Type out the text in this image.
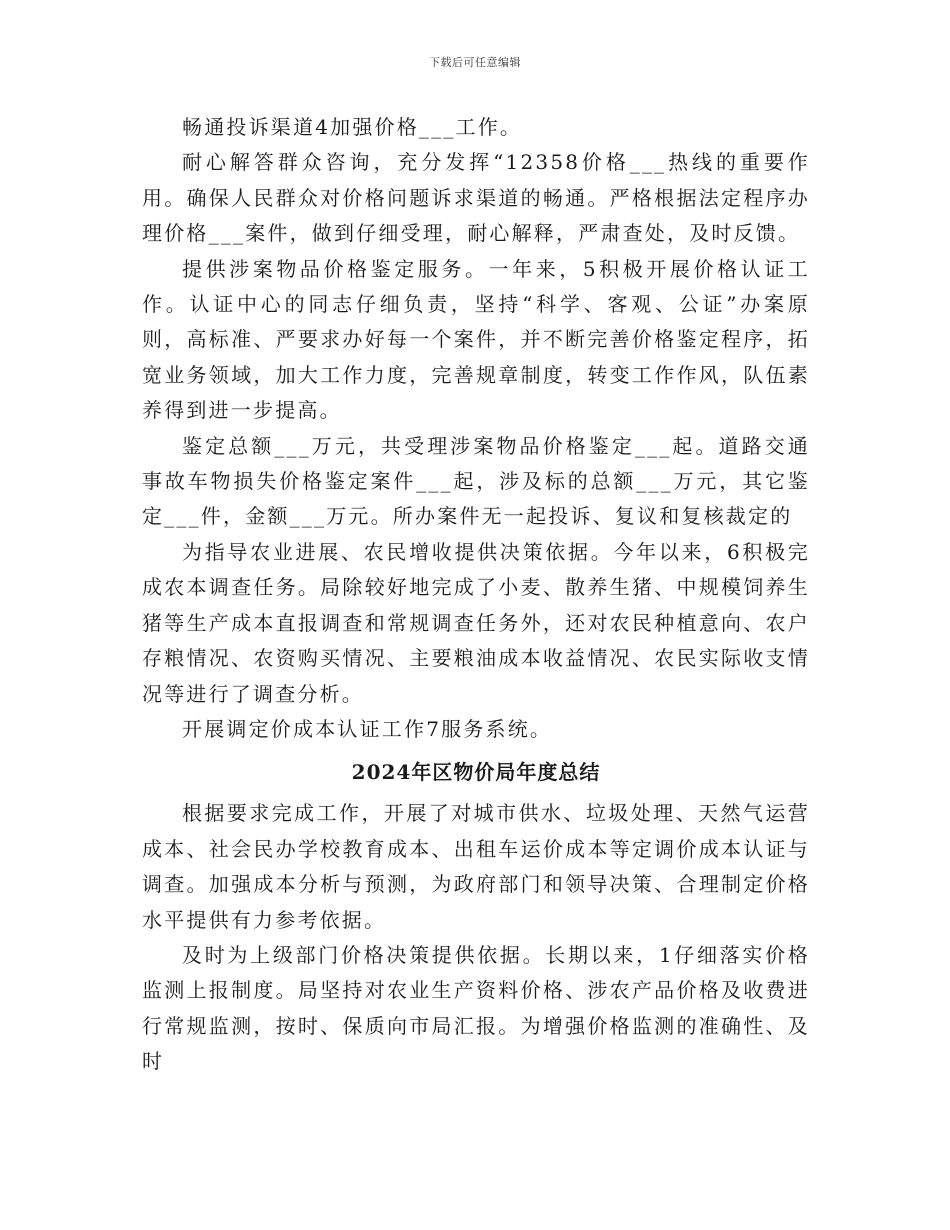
下载后可任意编辑

畅通投诉渠道4加强价格___工作。

耐心解答群众咨询，充分发挥“12358价格___热线的重要作用。确保人民群众对价格问题诉求渠道的畅通。严格根据法定程序办理价格___案件，做到仔细受理，耐心解释，严肃查处，及时反馈。

提供涉案物品价格鉴定服务。一年来，5积极开展价格认证工作。认证中心的同志仔细负责，坚持“科学、客观、公证”办案原则，高标准、严要求办好每一个案件，并不断完善价格鉴定程序，拓宽业务领域，加大工作力度，完善规章制度，转变工作作风，队伍素养得到进一步提高。

鉴定总额___万元，共受理涉案物品价格鉴定___起。道路交通事故车物损失价格鉴定案件___起，涉及标的总额___万元，其它鉴定___件，金额___万元。所办案件无一起投诉、复议和复核裁定的

为指导农业进展、农民增收提供决策依据。今年以来，6积极完成农本调查任务。局除较好地完成了小麦、散养生猪、中规模饲养生猪等生产成本直报调查和常规调查任务外，还对农民种植意向、农户存粮情况、农资购买情况、主要粮油成本收益情况、农民实际收支情况等进行了调查分析。

开展调定价成本认证工作7服务系统。

2024年区物价局年度总结

根据要求完成工作，开展了对城市供水、垃圾处理、天然气运营成本、社会民办学校教育成本、出租车运价成本等定调价成本认证与调查。加强成本分析与预测，为政府部门和领导决策、合理制定价格水平提供有力参考依据。

及时为上级部门价格决策提供依据。长期以来，1仔细落实价格监测上报制度。局坚持对农业生产资料价格、涉农产品价格及收费进行常规监测，按时、保质向市局汇报。为增强价格监测的准确性、及时
